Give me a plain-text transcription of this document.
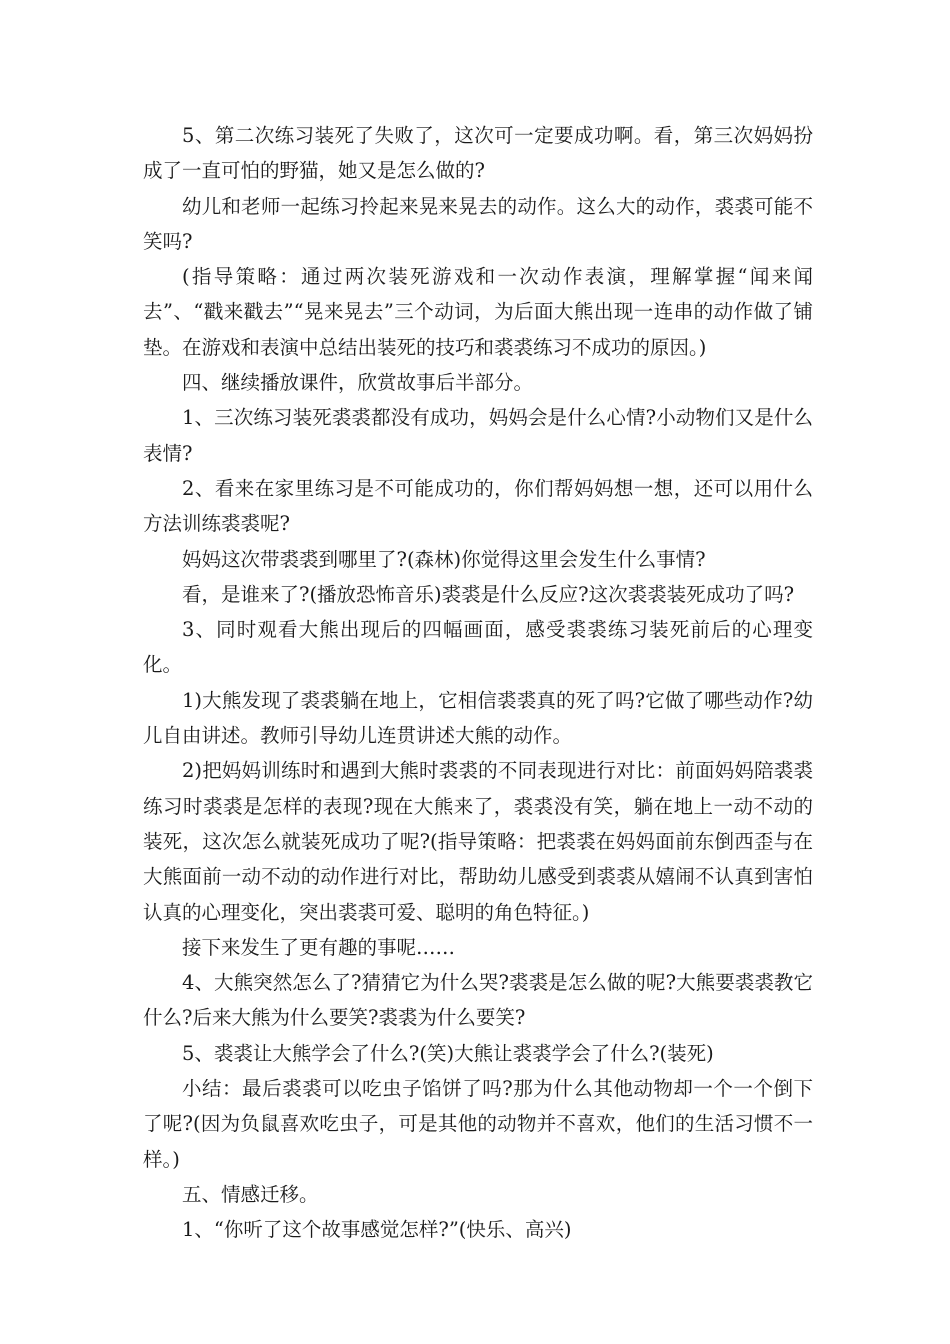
5、第二次练习装死了失败了，这次可一定要成功啊。看，第三次妈妈扮成了一直可怕的野猫，她又是怎么做的?

幼儿和老师一起练习拎起来晃来晃去的动作。这么大的动作，裘裘可能不笑吗?

(指导策略：通过两次装死游戏和一次动作表演，理解掌握“闻来闻去”、“戳来戳去”“晃来晃去”三个动词，为后面大熊出现一连串的动作做了铺垫。在游戏和表演中总结出装死的技巧和裘裘练习不成功的原因。)

四、继续播放课件，欣赏故事后半部分。

1、三次练习装死裘裘都没有成功，妈妈会是什么心情?小动物们又是什么表情?

2、看来在家里练习是不可能成功的，你们帮妈妈想一想，还可以用什么方法训练裘裘呢?

妈妈这次带裘裘到哪里了?(森林)你觉得这里会发生什么事情?

看，是谁来了?(播放恐怖音乐)裘裘是什么反应?这次裘裘装死成功了吗?

3、同时观看大熊出现后的四幅画面，感受裘裘练习装死前后的心理变化。

1)大熊发现了裘裘躺在地上，它相信裘裘真的死了吗?它做了哪些动作?幼儿自由讲述。教师引导幼儿连贯讲述大熊的动作。

2)把妈妈训练时和遇到大熊时裘裘的不同表现进行对比：前面妈妈陪裘裘练习时裘裘是怎样的表现?现在大熊来了，裘裘没有笑，躺在地上一动不动的装死，这次怎么就装死成功了呢?(指导策略：把裘裘在妈妈面前东倒西歪与在大熊面前一动不动的动作进行对比，帮助幼儿感受到裘裘从嬉闹不认真到害怕认真的心理变化，突出裘裘可爱、聪明的角色特征。)

接下来发生了更有趣的事呢……

4、大熊突然怎么了?猜猜它为什么哭?裘裘是怎么做的呢?大熊要裘裘教它什么?后来大熊为什么要笑?裘裘为什么要笑?

5、裘裘让大熊学会了什么?(笑)大熊让裘裘学会了什么?(装死)

小结：最后裘裘可以吃虫子馅饼了吗?那为什么其他动物却一个一个倒下了呢?(因为负鼠喜欢吃虫子，可是其他的动物并不喜欢，他们的生活习惯不一样。)

五、情感迁移。

1、“你听了这个故事感觉怎样?”(快乐、高兴)
